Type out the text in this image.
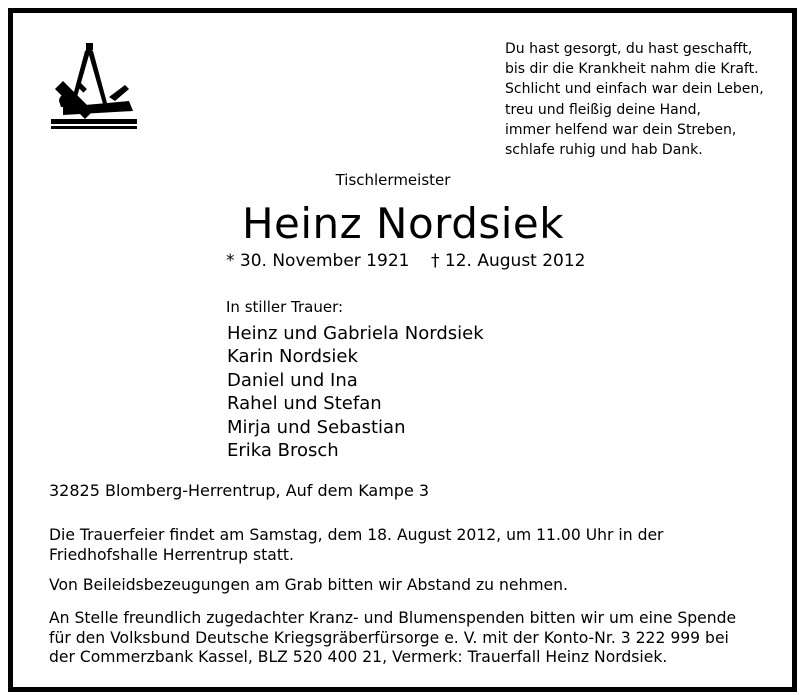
Du hast gesorgt, du hast geschafft,
bis dir die Krankheit nahm die Kraft.
Schlicht und einfach war dein Leben,
treu und fleißig deine Hand,
immer helfend war dein Streben,
schlafe ruhig und hab Dank.
Tischlermeister
Heinz Nordsiek
* 30. November 1921 † 12. August 2012
In stiller Trauer:
Heinz und Gabriela Nordsiek
Karin Nordsiek
Daniel und Ina
Rahel und Stefan
Mirja und Sebastian
Erika Brosch
32825 Blomberg-Herrentrup, Auf dem Kampe 3
Die Trauerfeier findet am Samstag, dem 18. August 2012, um 11.00 Uhr in der
Friedhofshalle Herrentrup statt.
Von Beileidsbezeugungen am Grab bitten wir Abstand zu nehmen.
An Stelle freundlich zugedachter Kranz- und Blumenspenden bitten wir um eine Spende
für den Volksbund Deutsche Kriegsgräberfürsorge e. V. mit der Konto-Nr. 3 222 999 bei
der Commerzbank Kassel, BLZ 520 400 21, Vermerk: Trauerfall Heinz Nordsiek.
